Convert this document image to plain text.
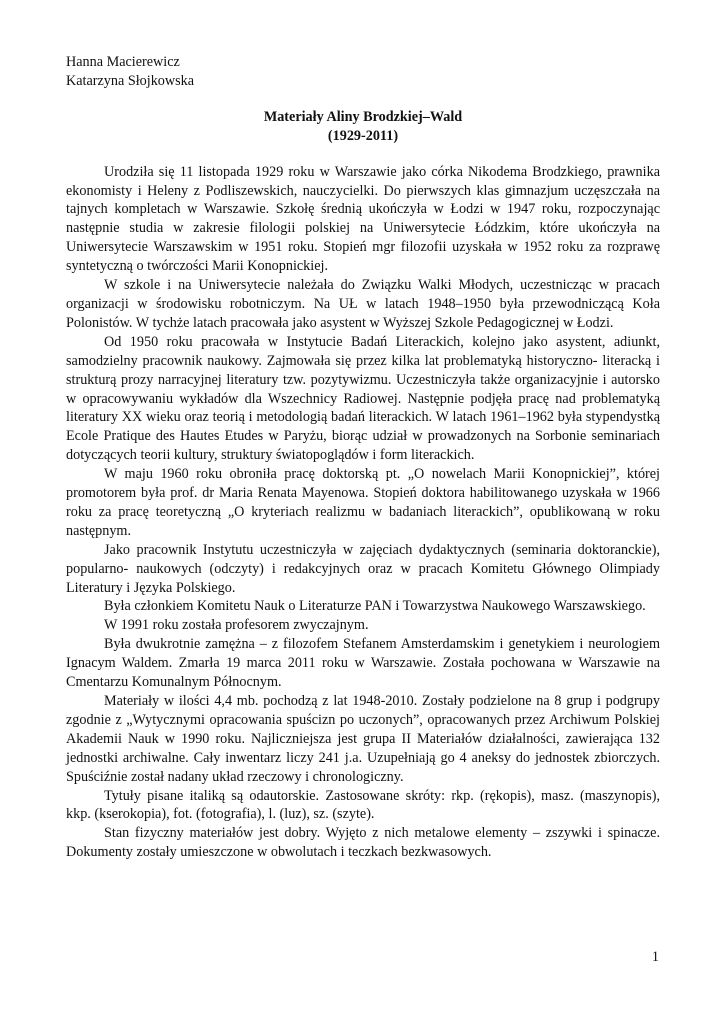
Hanna Macierewicz
Katarzyna Słojkowska
Materiały Aliny Brodzkiej–Wald
(1929-2011)

Urodziła się 11 listopada 1929 roku w Warszawie jako córka Nikodema Brodzkiego, prawnika ekonomisty i Heleny z Podliszewskich, nauczycielki. Do pierwszych klas gimnazjum uczęszczała na tajnych kompletach w Warszawie. Szkołę średnią ukończyła w Łodzi w 1947 roku, rozpoczynając następnie studia w zakresie filologii polskiej na Uniwersytecie Łódzkim, które ukończyła na Uniwersytecie Warszawskim w 1951 roku. Stopień mgr filozofii uzyskała w 1952 roku za rozprawę syntetyczną o twórczości Marii Konopnickiej.

W szkole i na Uniwersytecie należała do Związku Walki Młodych, uczestnicząc w pracach organizacji w środowisku robotniczym. Na UŁ w latach 1948–1950 była przewodniczącą Koła Polonistów. W tychże latach pracowała jako asystent w Wyższej Szkole Pedagogicznej w Łodzi.

Od 1950 roku pracowała w Instytucie Badań Literackich, kolejno jako asystent, adiunkt, samodzielny pracownik naukowy. Zajmowała się przez kilka lat problematyką historyczno- literacką i strukturą prozy narracyjnej literatury tzw. pozytywizmu. Uczestniczyła także organizacyjnie i autorsko w opracowywaniu wykładów dla Wszechnicy Radiowej. Następnie podjęła pracę nad problematyką literatury XX wieku oraz teorią i metodologią badań literackich. W latach 1961–1962 była stypendystką Ecole Pratique des Hautes Etudes w Paryżu, biorąc udział w prowadzonych na Sorbonie seminariach dotyczących teorii kultury, struktury światopoglądów i form literackich.

W maju 1960 roku obroniła pracę doktorską pt. „O nowelach Marii Konopnickiej”, której promotorem była prof. dr Maria Renata Mayenowa. Stopień doktora habilitowanego uzyskała w 1966 roku za pracę teoretyczną „O kryteriach realizmu w badaniach literackich”, opublikowaną w roku następnym.

Jako pracownik Instytutu uczestniczyła w zajęciach dydaktycznych (seminaria doktoranckie), popularno- naukowych (odczyty) i redakcyjnych oraz w pracach Komitetu Głównego Olimpiady Literatury i Języka Polskiego.

Była członkiem Komitetu Nauk o Literaturze PAN i Towarzystwa Naukowego Warszawskiego.

W 1991 roku została profesorem zwyczajnym.

Była dwukrotnie zamężna – z filozofem Stefanem Amsterdamskim i genetykiem i neurologiem Ignacym Waldem. Zmarła 19 marca 2011 roku w Warszawie. Została pochowana w Warszawie na Cmentarzu Komunalnym Północnym.

Materiały w ilości 4,4 mb. pochodzą z lat 1948-2010. Zostały podzielone na 8 grup i podgrupy zgodnie z „Wytycznymi opracowania spuścizn po uczonych”, opracowanych przez Archiwum Polskiej Akademii Nauk w 1990 roku. Najliczniejsza jest grupa II Materiałów działalności, zawierająca 132 jednostki archiwalne. Cały inwentarz liczy 241 j.a. Uzupełniają go 4 aneksy do jednostek zbiorczych. Spuściźnie został nadany układ rzeczowy i chronologiczny.

Tytuły pisane italiką są odautorskie. Zastosowane skróty: rkp. (rękopis), masz. (maszynopis), kkp. (kserokopia), fot. (fotografia), l. (luz), sz. (szyte).

Stan fizyczny materiałów jest dobry. Wyjęto z nich metalowe elementy – zszywki i spinacze. Dokumenty zostały umieszczone w obwolutach i teczkach bezkwasowych.

1
